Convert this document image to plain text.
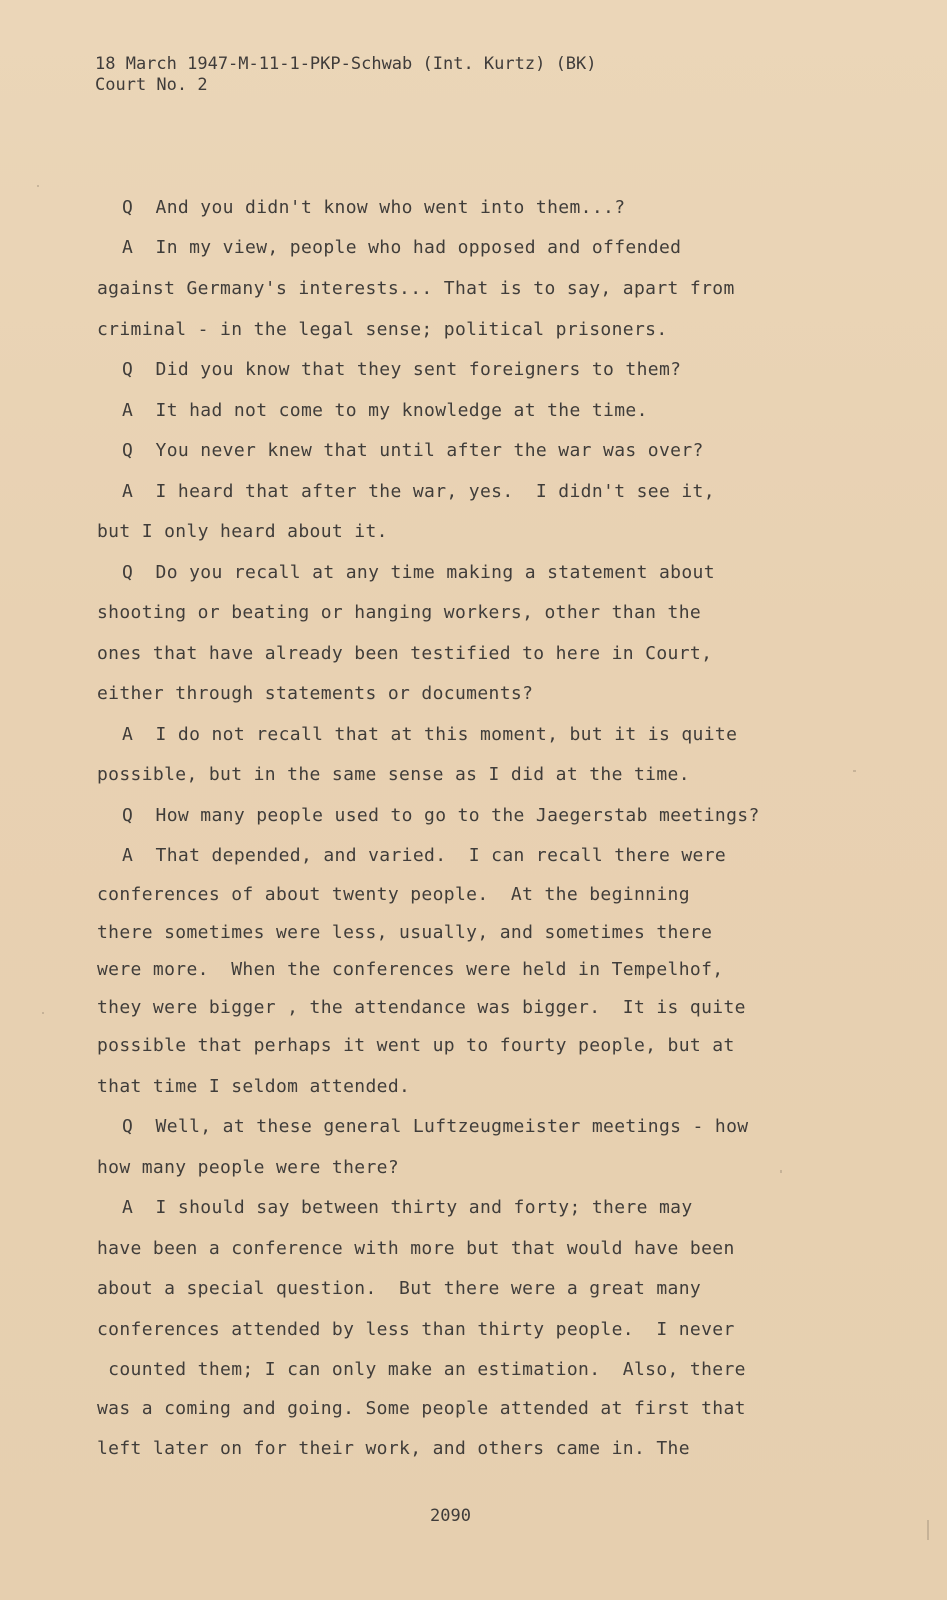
18 March 1947-M-11-1-PKP-Schwab (Int. Kurtz) (BK)
Court No. 2
Q  And you didn't know who went into them...?
A  In my view, people who had opposed and offended
against Germany's interests... That is to say, apart from
criminal - in the legal sense; political prisoners.
Q  Did you know that they sent foreigners to them?
A  It had not come to my knowledge at the time.
Q  You never knew that until after the war was over?
A  I heard that after the war, yes.  I didn't see it,
but I only heard about it.
Q  Do you recall at any time making a statement about
shooting or beating or hanging workers, other than the
ones that have already been testified to here in Court,
either through statements or documents?
A  I do not recall that at this moment, but it is quite
possible, but in the same sense as I did at the time.
Q  How many people used to go to the Jaegerstab meetings?
A  That depended, and varied.  I can recall there were
conferences of about twenty people.  At the beginning
there sometimes were less, usually, and sometimes there
were more.  When the conferences were held in Tempelhof,
they were bigger , the attendance was bigger.  It is quite
possible that perhaps it went up to fourty people, but at
that time I seldom attended.
Q  Well, at these general Luftzeugmeister meetings - how
how many people were there?
A  I should say between thirty and forty; there may
have been a conference with more but that would have been
about a special question.  But there were a great many
conferences attended by less than thirty people.  I never
counted them; I can only make an estimation.  Also, there
was a coming and going. Some people attended at first that
left later on for their work, and others came in. The
2090
